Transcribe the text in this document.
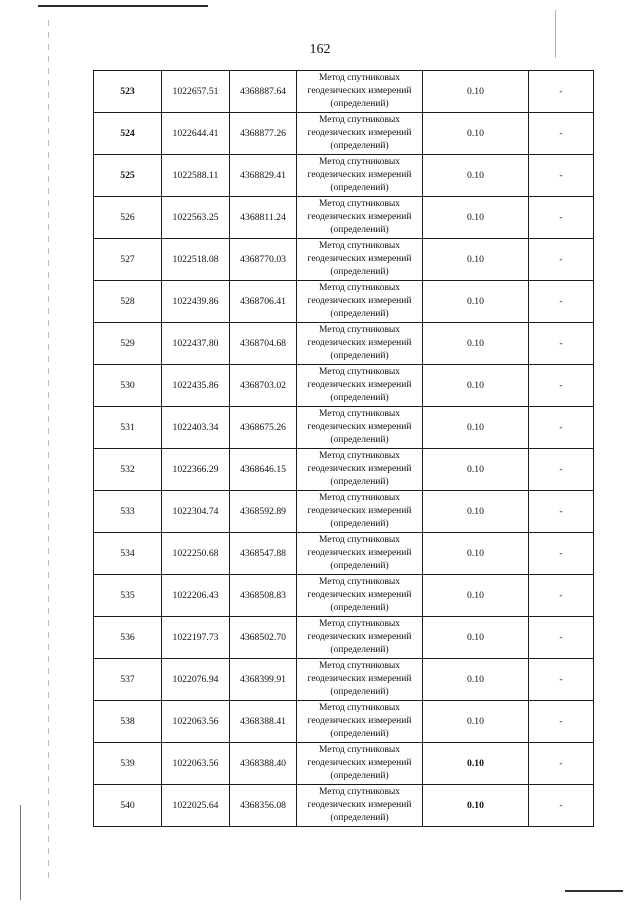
162
523	1022657.51	4368887.64	Метод спутниковых
геодезических измерений
(определений)	0.10	-
524	1022644.41	4368877.26	Метод спутниковых
геодезических измерений
(определений)	0.10	-
525	1022588.11	4368829.41	Метод спутниковых
геодезических измерений
(определений)	0.10	-
526	1022563.25	4368811.24	Метод спутниковых
геодезических измерений
(определений)	0.10	-
527	1022518.08	4368770.03	Метод спутниковых
геодезических измерений
(определений)	0.10	-
528	1022439.86	4368706.41	Метод спутниковых
геодезических измерений
(определений)	0.10	-
529	1022437.80	4368704.68	Метод спутниковых
геодезических измерений
(определений)	0.10	-
530	1022435.86	4368703.02	Метод спутниковых
геодезических измерений
(определений)	0.10	-
531	1022403.34	4368675.26	Метод спутниковых
геодезических измерений
(определений)	0.10	-
532	1022366.29	4368646.15	Метод спутниковых
геодезических измерений
(определений)	0.10	-
533	1022304.74	4368592.89	Метод спутниковых
геодезических измерений
(определений)	0.10	-
534	1022250.68	4368547.88	Метод спутниковых
геодезических измерений
(определений)	0.10	-
535	1022206.43	4368508.83	Метод спутниковых
геодезических измерений
(определений)	0.10	-
536	1022197.73	4368502.70	Метод спутниковых
геодезических измерений
(определений)	0.10	-
537	1022076.94	4368399.91	Метод спутниковых
геодезических измерений
(определений)	0.10	-
538	1022063.56	4368388.41	Метод спутниковых
геодезических измерений
(определений)	0.10	-
539	1022063.56	4368388.40	Метод спутниковых
геодезических измерений
(определений)	0.10	-
540	1022025.64	4368356.08	Метод спутниковых
геодезических измерений
(определений)	0.10	-
